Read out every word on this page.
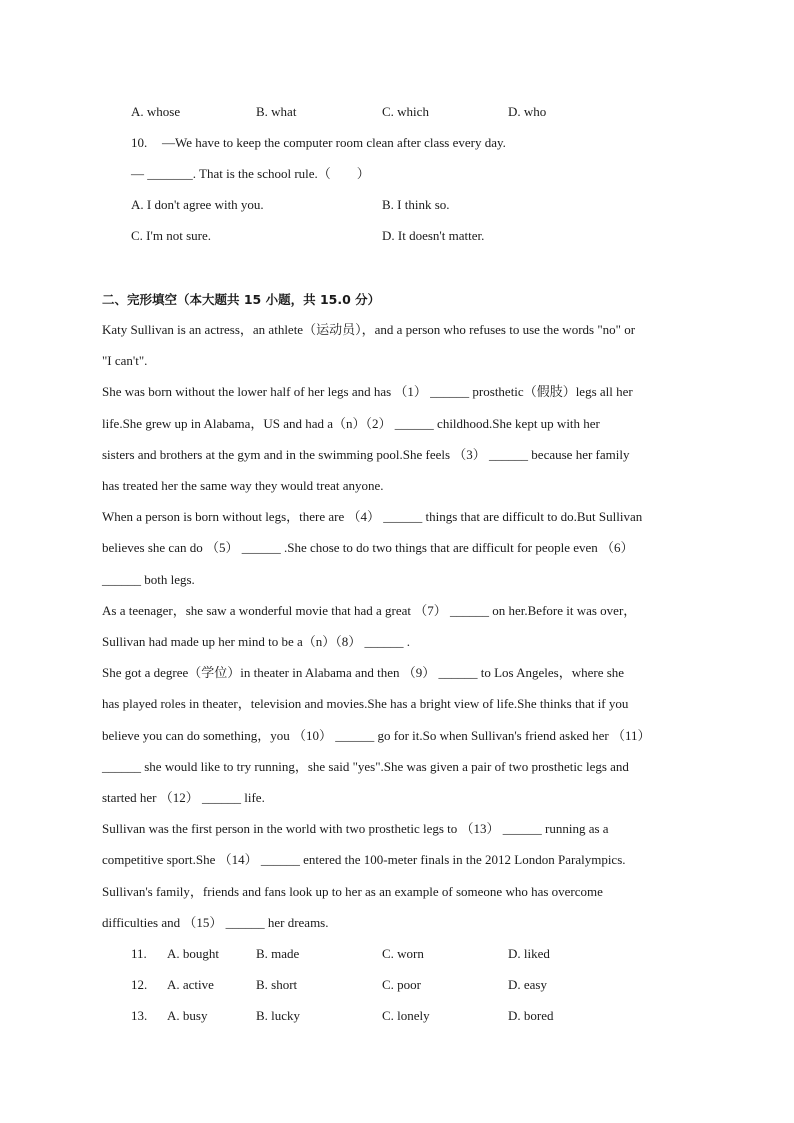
A. whose	B. what	C. which	D. who
10. —We have to keep the computer room clean after class every day.
— _______. That is the school rule.（　　）
A. I don't agree with you.	B. I think so.
C. I'm not sure.	D. It doesn't matter.
二、完形填空（本大题共 15 小题，共 15.0 分）
Katy Sullivan is an actress，an athlete（运动员），and a person who refuses to use the words "no" or
"I can't".
She was born without the lower half of her legs and has （1） ______ prosthetic（假肢）legs all her
life.She grew up in Alabama，US and had a（n）（2） ______ childhood.She kept up with her
sisters and brothers at the gym and in the swimming pool.She feels （3） ______ because her family
has treated her the same way they would treat anyone.
When a person is born without legs，there are （4） ______ things that are difficult to do.But Sullivan
believes she can do （5） ______ .She chose to do two things that are difficult for people even （6）
______ both legs.
As a teenager，she saw a wonderful movie that had a great （7） ______ on her.Before it was over，
Sullivan had made up her mind to be a（n）（8） ______ .
She got a degree（学位）in theater in Alabama and then （9） ______ to Los Angeles，where she
has played roles in theater，television and movies.She has a bright view of life.She thinks that if you
believe you can do something，you （10） ______ go for it.So when Sullivan's friend asked her （11）
______ she would like to try running，she said "yes".She was given a pair of two prosthetic legs and
started her （12） ______ life.
Sullivan was the first person in the world with two prosthetic legs to （13） ______ running as a
competitive sport.She （14） ______ entered the 100-meter finals in the 2012 London Paralympics.
Sullivan's family，friends and fans look up to her as an example of someone who has overcome
difficulties and （15） ______ her dreams.
11. A. bought	B. made	C. worn	D. liked
12. A. active	B. short	C. poor	D. easy
13. A. busy	B. lucky	C. lonely	D. bored
